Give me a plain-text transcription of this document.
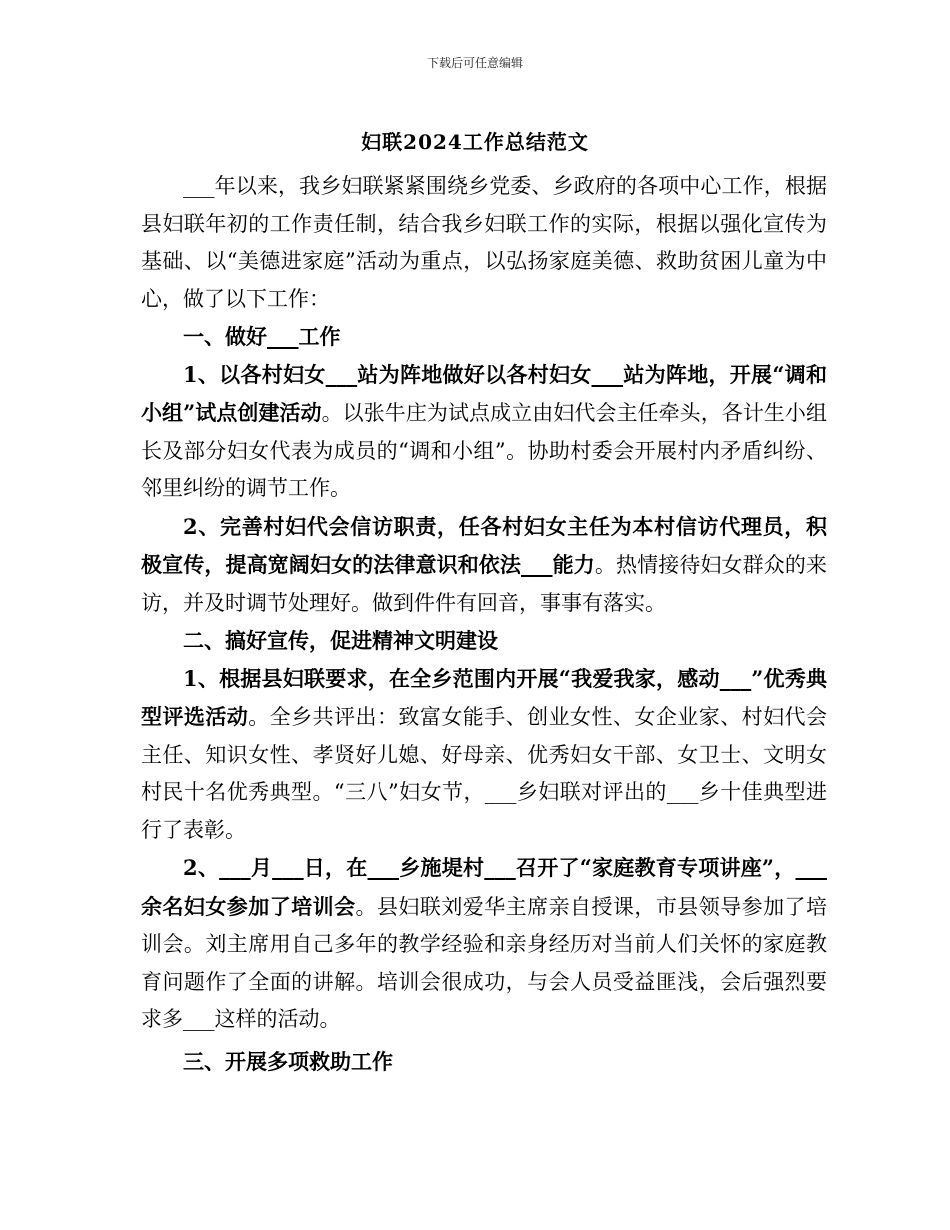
下载后可任意编辑
妇联2024工作总结范文

___年以来，我乡妇联紧紧围绕乡党委、乡政府的各项中心工作，根据县妇联年初的工作责任制，结合我乡妇联工作的实际，根据以强化宣传为基础、以“美德进家庭”活动为重点，以弘扬家庭美德、救助贫困儿童为中心，做了以下工作：

一、做好___工作

1、以各村妇女___站为阵地做好以各村妇女___站为阵地，开展“调和小组”试点创建活动。以张牛庄为试点成立由妇代会主任牵头，各计生小组长及部分妇女代表为成员的“调和小组”。协助村委会开展村内矛盾纠纷、邻里纠纷的调节工作。

2、完善村妇代会信访职责，任各村妇女主任为本村信访代理员，积极宣传，提高宽阔妇女的法律意识和依法___能力。热情接待妇女群众的来访，并及时调节处理好。做到件件有回音，事事有落实。

二、搞好宣传，促进精神文明建设

1、根据县妇联要求，在全乡范围内开展“我爱我家，感动___”优秀典型评选活动。全乡共评出：致富女能手、创业女性、女企业家、村妇代会主任、知识女性、孝贤好儿媳、好母亲、优秀妇女干部、女卫士、文明女村民十名优秀典型。“三八”妇女节，___乡妇联对评出的___乡十佳典型进行了表彰。

2、___月___日，在___乡施堤村___召开了“家庭教育专项讲座”，___余名妇女参加了培训会。县妇联刘爱华主席亲自授课，市县领导参加了培训会。刘主席用自己多年的教学经验和亲身经历对当前人们关怀的家庭教育问题作了全面的讲解。培训会很成功，与会人员受益匪浅，会后强烈要求多___这样的活动。

三、开展多项救助工作
